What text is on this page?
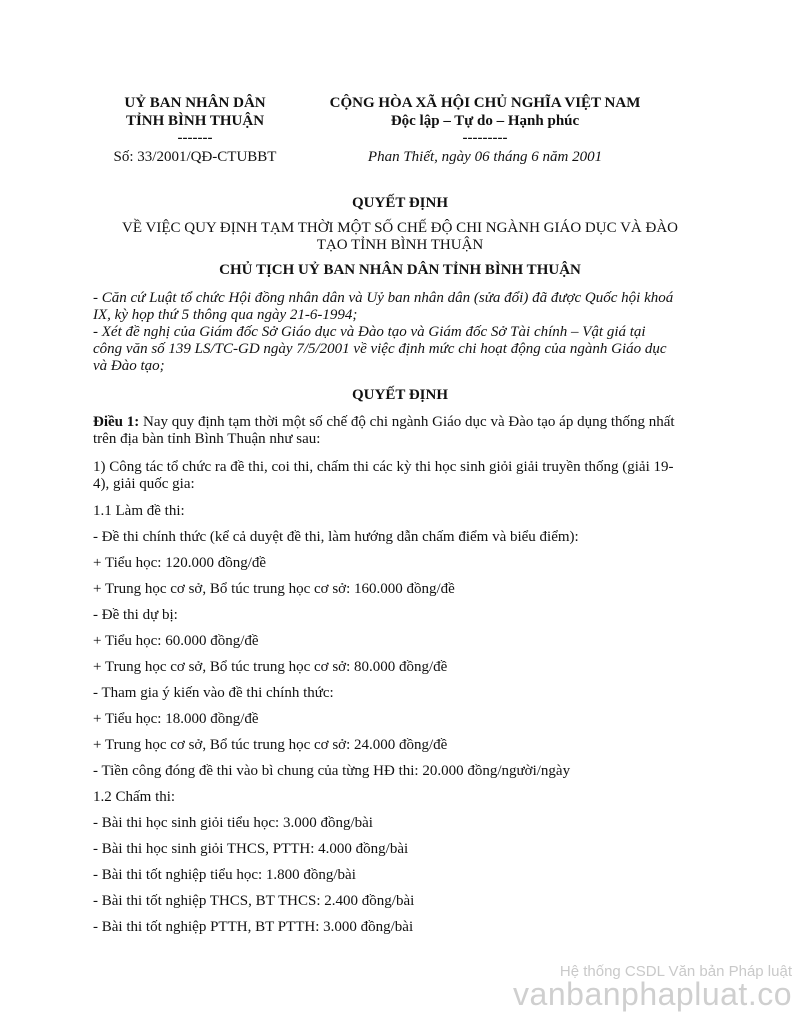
UỶ BAN NHÂN DÂN
TỈNH BÌNH THUẬN
-------
Số: 33/2001/QĐ-CTUBBT
CỘNG HÒA XÃ HỘI CHỦ NGHĨA VIỆT NAM
Độc lập – Tự do – Hạnh phúc
---------
Phan Thiết, ngày 06 tháng 6 năm 2001
QUYẾT ĐỊNH
VỀ VIỆC QUY ĐỊNH TẠM THỜI MỘT SỐ CHẾ ĐỘ CHI NGÀNH GIÁO DỤC VÀ ĐÀO
TẠO TỈNH BÌNH THUẬN
CHỦ TỊCH UỶ BAN NHÂN DÂN TỈNH BÌNH THUẬN
- Căn cứ Luật tổ chức Hội đồng nhân dân và Uỷ ban nhân dân (sửa đổi) đã được Quốc hội khoá
IX, kỳ họp thứ 5 thông qua ngày 21-6-1994;
- Xét đề nghị của Giám đốc Sở Giáo dục và Đào tạo và Giám đốc Sở Tài chính – Vật giá tại
công văn số 139 LS/TC-GD ngày 7/5/2001 về việc định mức chi hoạt động của ngành Giáo dục
và Đào tạo;
QUYẾT ĐỊNH
Điều 1: Nay quy định tạm thời một số chế độ chi ngành Giáo dục và Đào tạo áp dụng thống nhất
trên địa bàn tỉnh Bình Thuận như sau:
1) Công tác tổ chức ra đề thi, coi thi, chấm thi các kỳ thi học sinh giỏi giải truyền thống (giải 19-
4), giải quốc gia:
1.1 Làm đề thi:
- Đề thi chính thức (kể cả duyệt đề thi, làm hướng dẫn chấm điểm và biểu điểm):
+ Tiểu học: 120.000 đồng/đề
+ Trung học cơ sở, Bổ túc trung học cơ sở: 160.000 đồng/đề
- Đề thi dự bị:
+ Tiểu học: 60.000 đồng/đề
+ Trung học cơ sở, Bổ túc trung học cơ sở: 80.000 đồng/đề
- Tham gia ý kiến vào đề thi chính thức:
+ Tiểu học: 18.000 đồng/đề
+ Trung học cơ sở, Bổ túc trung học cơ sở: 24.000 đồng/đề
- Tiền công đóng đề thi vào bì chung của từng HĐ thi: 20.000 đồng/người/ngày
1.2 Chấm thi:
- Bài thi học sinh giỏi tiểu học: 3.000 đồng/bài
- Bài thi học sinh giỏi THCS, PTTH: 4.000 đồng/bài
- Bài thi tốt nghiệp tiểu học: 1.800 đồng/bài
- Bài thi tốt nghiệp THCS, BT THCS: 2.400 đồng/bài
- Bài thi tốt nghiệp PTTH, BT PTTH: 3.000 đồng/bài
Hệ thống CSDL Văn bản Pháp luật
vanbanphapluat.co
